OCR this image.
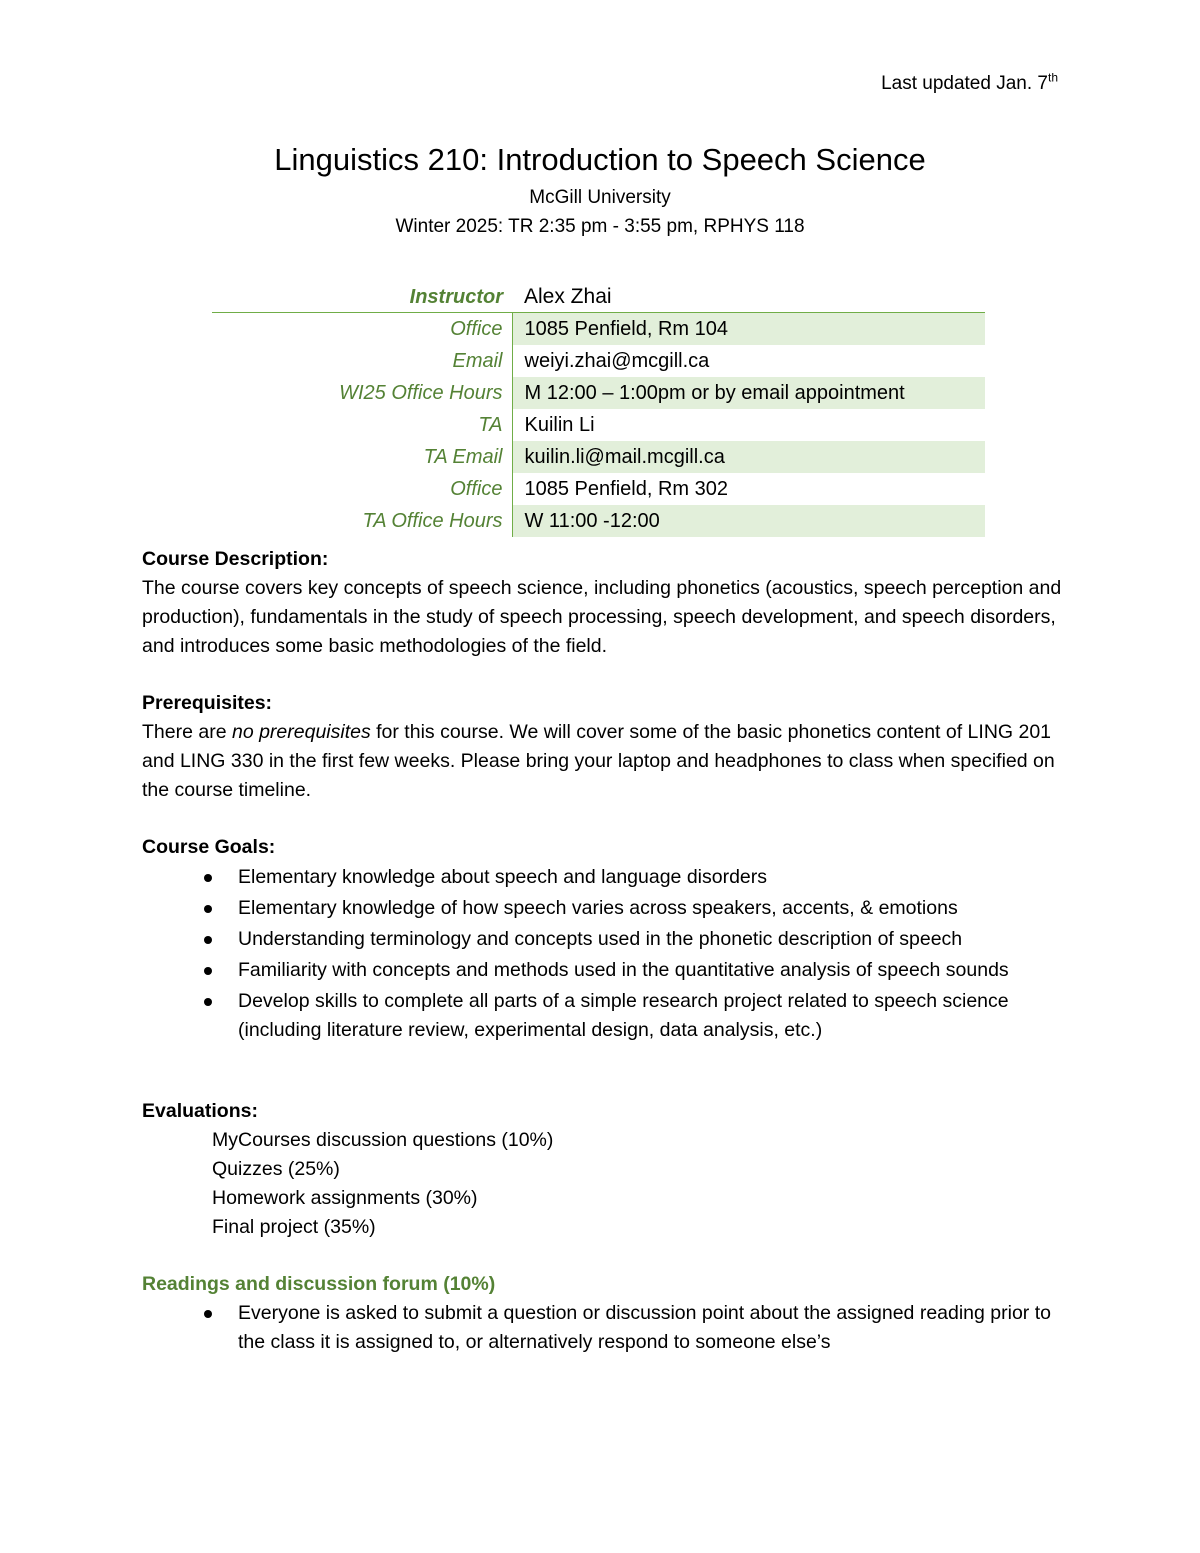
Last updated Jan. 7th
Linguistics 210: Introduction to Speech Science
McGill University
Winter 2025: TR 2:35 pm - 3:55 pm, RPHYS 118
Instructor	Alex Zhai
Office	1085 Penfield, Rm 104
Email	weiyi.zhai@mcgill.ca
WI25 Office Hours	M 12:00 – 1:00pm or by email appointment
TA	Kuilin Li
TA Email	kuilin.li@mail.mcgill.ca
Office	1085 Penfield, Rm 302
TA Office Hours	W 11:00 -12:00
Course Description:
The course covers key concepts of speech science, including phonetics (acoustics, speech perception and production), fundamentals in the study of speech processing, speech development, and speech disorders, and introduces some basic methodologies of the field.
Prerequisites:
There are no prerequisites for this course. We will cover some of the basic phonetics content of LING 201 and LING 330 in the first few weeks. Please bring your laptop and headphones to class when specified on the course timeline.
Course Goals:
Elementary knowledge about speech and language disorders
Elementary knowledge of how speech varies across speakers, accents, & emotions
Understanding terminology and concepts used in the phonetic description of speech
Familiarity with concepts and methods used in the quantitative analysis of speech sounds
Develop skills to complete all parts of a simple research project related to speech science (including literature review, experimental design, data analysis, etc.)
Evaluations:
MyCourses discussion questions (10%)
Quizzes (25%)
Homework assignments (30%)
Final project (35%)
Readings and discussion forum (10%)
Everyone is asked to submit a question or discussion point about the assigned reading prior to the class it is assigned to, or alternatively respond to someone else’s
